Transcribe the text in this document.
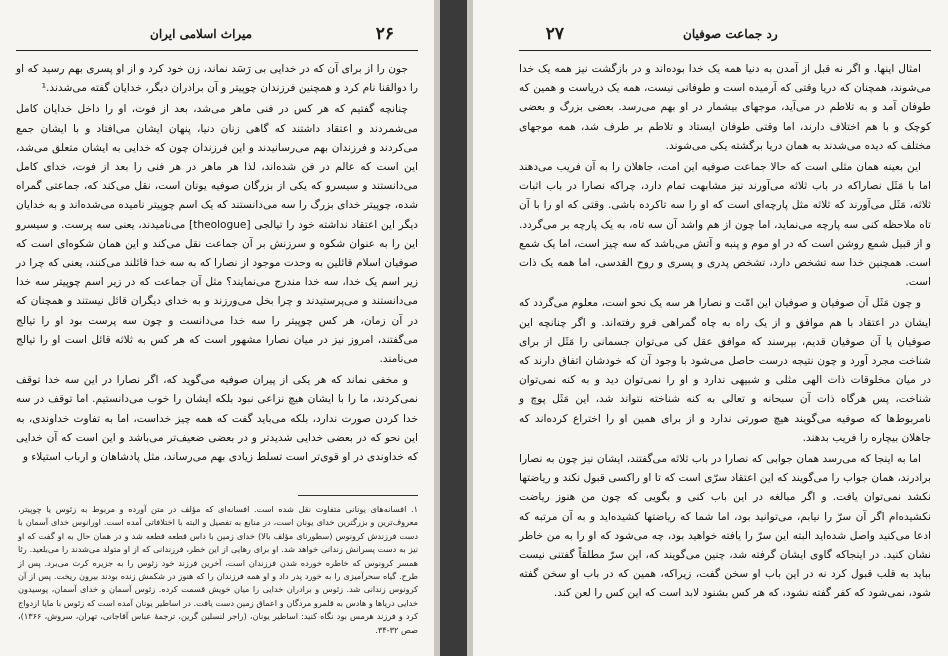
۲۶
میراث اسلامی ایران

جون را از برای آن که در خدایی بی رَسَد نماند، زن خود کرد و از او پسری بهم رسید که او را دوالقنا نام کرد و همچنین فرزندان چوپیتر و آن برادران دیگر، خدایان گفته می‌شدند.¹

چنانچه گفتیم که هر کس در فنی ماهر می‌شد، بعد از فوت، او را داخل خدایان کامل می‌شمردند و اعتقاد داشتند که گاهی زنان دنیا، پنهان ایشان می‌افتاد و با ایشان جمع می‌کردند و فرزندان بهم می‌رسانیدند و این فرزندان چون که خدایی به ایشان متعلق می‌شد، این است که عالم در فن شده‌اند، لذا هر ماهر در هر فنی را بعد از فوت، خدای کامل می‌دانستند و سیسرو که یکی از بزرگان صوفیه یونان است، نقل می‌کند که، جماعتی گمراه شده، چوپیتر خدای بزرگ را سه می‌دانستند که یک اسم چوپیتر نامیده می‌شده‌اند و به خدایان دیگر این اعتقاد نداشته خود را تیالجی [theologue] می‌نامیدند، یعنی سه پرست. و سیسرو این را به عنوان شکوه و سرزنش بر آن جماعت نقل می‌کند و این همان شکوه‌ای است که صوفیان اسلام قائلین به وحدت موجود از نصارا که به سه خدا قائلند می‌کنند، یعنی که چرا در زیر اسم یک خدا، سه خدا مندرج می‌نمایند؟ مثل آن جماعت که در زیر اسم چوپیتر سه خدا می‌دانستند و می‌پرستیدند و چرا بخل می‌ورزند و به خدای دیگران قائل نیستند و همچنان که در آن زمان، هر کس چوپیتر را سه خدا می‌دانست و چون سه پرست بود او را تیالج می‌گفتند، امروز نیز در میان نصارا مشهور است که هر کس به ثلاثه قائل است او را تیالج می‌نامند.

و مخفی نماند که هر یکی از پیران صوفیه می‌گوید که، اگر نصارا در این سه خدا توقف نمی‌کردند، ما را با ایشان هیچ نزاعی نبود بلکه ایشان را خوب می‌دانستیم. اما توقف در سه خدا کردن صورت ندارد، بلکه می‌باید گفت که همه چیز خداست، اما به تفاوت خداوندی، به این نحو که در بعضی خدایی شدیدتر و در بعضی ضعیف‌تر می‌باشد و این است که آن خدایی که خداوندی در او قوی‌تر است تسلط زیادی بهم می‌رساند، مثل پادشاهان و ارباب استیلاء و

۱. افسانه‌های یونانی متفاوت نقل شده است. افسانه‌ای که مؤلف در متن آورده و مربوط به زئوس یا چوپیتر، معروف‌ترین و بزرگترین خدای یونان است، در منابع به تفصیل و البته با اختلافاتی آمده است. اورانوس خدای آسمان با دست فرزندش کرونوس (سطورنای مؤلف بالا) خدای زمین با داس قطعه قطعه شد و در همان حال به او گفت که او نیز به دست پسرانش زندانی خواهد شد. او برای رهایی از این خطر، فرزندانی که از او متولد می‌شدند را می‌بلعید. رئا همسر کرونوس که خاطره خورده شدن فرزندان است، آخرین فرزند خود زئوس را به جزیره کرت می‌برد. پس از طرح. گیاه سحرآمیزی را به خورد پدر داد و او همه فرزندان را که هنوز در شکمش زنده بودند بیرون ریخت. پس از آن کرونوس زندانی شد. زئوس و برادران خدایی را میان خویش قسمت کرده. زئوس آسمان و خدای آسمان، پوسیدون خدایی دریاها و هادس به قلمرو مردگان و اعماق زمین دست یافت. در اساطیر یونان آمده است که زئوس با مایا ازدواج کرد و فرزند هرمس بود نگاه کنید: اساطیر یونان، (راجر لنسلین گرین، ترجمهٔ عباس آقاجانی، تهران، سروش، ۱۳۶۶)، صص ۳۲-۳۴.
۲۷	رد جماعت صوفیان

امثال اینها. و اگر نه قبل از آمدن به دنیا همه یک خدا بوده‌اند و در بازگشت نیز همه یک خدا می‌شوند، همچنان که دریا وقتی که آرمیده است و طوفانی نیست، همه یک دریاست و همین که طوفان آمد و به تلاطم در می‌آید، موجهای بیشمار در او بهم می‌رسد. بعضی بزرگ و بعضی کوچک و با هم اختلاف دارند، اما وقتی طوفان ایستاد و تلاطم بر طرف شد، همه موجهای مختلف که دیده می‌شدند به همان دریا برگشته یکی می‌شوند.

این بعینه همان مثلی است که حالا جماعت صوفیه این امت، جاهلان را به آن فریب می‌دهند اما با مَثَل نصاراکه در باب ثلاثه می‌آورند نیز مشابهت تمام دارد، چراکه نصارا در باب اثبات ثلاثه، مَثَل می‌آورند که ثلاثه مثل پارچه‌ای است که او را سه تاکرده باشی. وقتی که او را با آن تاه ملاحظه کنی سه پارچه می‌نماید، اما چون از هم واشد آن سه تاه، به یک پارچه بر می‌گردد. و از قبیل شمع روشن است که در او موم و پنبه و آتش می‌باشد که سه چیز است، اما یک شمع است. همچنین خدا سه تشخص دارد، تشخص پدری و پسری و روح القدسی، اما همه یک ذات است.

و چون مَثَل آن صوفیان و صوفیان این امّت و نصارا هر سه یک نحو است، معلوم می‌گردد که ایشان در اعتقاد با هم موافق و از یک راه به چاه گمراهی فرو رفته‌اند. و اگر چنانچه این صوفیان یا آن صوفیان قدیم، بپرسند که موافق عقل کی می‌توان جسمانی را مَثَل از برای شناخت مجرد آورد و چون نتیجه درست حاصل می‌شود با وجود آن که خودشان اتفاق دارند که در میان مخلوقات ذات الهی مثلی و شبیهی ندارد و او را نمی‌توان دید و به کنه نمی‌توان شناخت، پس هرگاه ذات آن سبحانه و تعالی به کنه شناخته نتواند شد، این مَثَل پوچ و نامربوط‌ها که صوفیه می‌گویند هیچ صورتی ندارد و از برای همین او را اختراع کرده‌اند که جاهلان بیچاره را فریب بدهند.

اما به اینجا که می‌رسد همان جوابی که نصارا در باب ثلاثه می‌گفتند، ایشان نیز چون به نصارا برادرند، همان جواب را می‌گویند که این اعتقاد سرّی است که تا او راکسی قبول نکند و ریاضتها نکشد نمی‌توان یافت. و اگر مبالغه در این باب کنی و بگویی که چون من هنوز ریاضت نکشیده‌ام اگر آن سرّ را نیابم، می‌توانید بود، اما شما که ریاضتها کشیده‌اید و به آن مرتبه که ادعا می‌کنید واصل شده‌اید البته این سرّ را یافته خواهید بود، چه می‌شود که او را به من خاطر نشان کنید. در اینجاکه گاوی ایشان گرفته شد، چنین می‌گویند که، این سرّ مطلقاً گفتنی نیست بباید به قلب قبول کرد نه در این باب او سخن گفت، زیراکه، همین که در باب او سخن گفته شود، نمی‌شود که کفر گفته نشود، که هر کس بشنود لابد است که این کس را لعن کند.
